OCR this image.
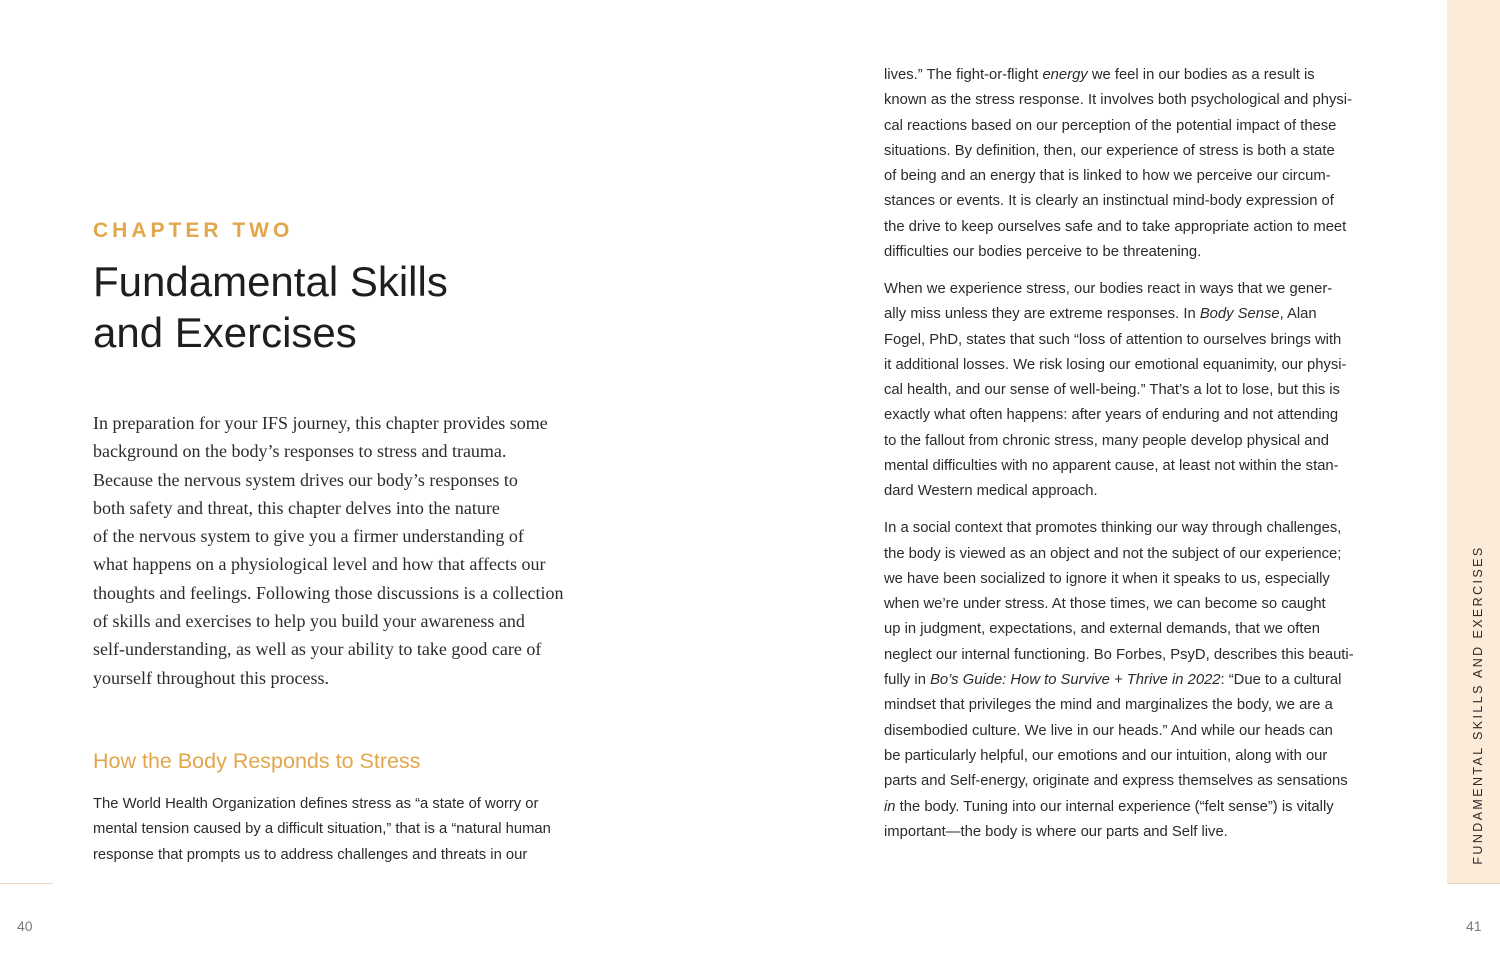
CHAPTER TWO
Fundamental Skills
and Exercises
In preparation for your IFS journey, this chapter provides some
background on the body’s responses to stress and trauma.
Because the nervous system drives our body’s responses to
both safety and threat, this chapter delves into the nature
of the nervous system to give you a firmer understanding of
what happens on a physiological level and how that affects our
thoughts and feelings. Following those discussions is a collection
of skills and exercises to help you build your awareness and
self-understanding, as well as your ability to take good care of
yourself throughout this process.
How the Body Responds to Stress
The World Health Organization defines stress as “a state of worry or
mental tension caused by a difficult situation,” that is a “natural human
response that prompts us to address challenges and threats in our
40
lives.” The fight-or-flight energy we feel in our bodies as a result is
known as the stress response. It involves both psychological and physi-
cal reactions based on our perception of the potential impact of these
situations. By definition, then, our experience of stress is both a state
of being and an energy that is linked to how we perceive our circum-
stances or events. It is clearly an instinctual mind-body expression of
the drive to keep ourselves safe and to take appropriate action to meet
difficulties our bodies perceive to be threatening.
When we experience stress, our bodies react in ways that we gener-
ally miss unless they are extreme responses. In Body Sense, Alan
Fogel, PhD, states that such “loss of attention to ourselves brings with
it additional losses. We risk losing our emotional equanimity, our physi-
cal health, and our sense of well-being.” That’s a lot to lose, but this is
exactly what often happens: after years of enduring and not attending
to the fallout from chronic stress, many people develop physical and
mental difficulties with no apparent cause, at least not within the stan-
dard Western medical approach.
In a social context that promotes thinking our way through challenges,
the body is viewed as an object and not the subject of our experience;
we have been socialized to ignore it when it speaks to us, especially
when we’re under stress. At those times, we can become so caught
up in judgment, expectations, and external demands, that we often
neglect our internal functioning. Bo Forbes, PsyD, describes this beauti-
fully in Bo’s Guide: How to Survive + Thrive in 2022: “Due to a cultural
mindset that privileges the mind and marginalizes the body, we are a
disembodied culture. We live in our heads.” And while our heads can
be particularly helpful, our emotions and our intuition, along with our
parts and Self-energy, originate and express themselves as sensations
in the body. Tuning into our internal experience (“felt sense”) is vitally
important—the body is where our parts and Self live.	FUNDAMENTAL SKILLS AND EXERCISES
41
